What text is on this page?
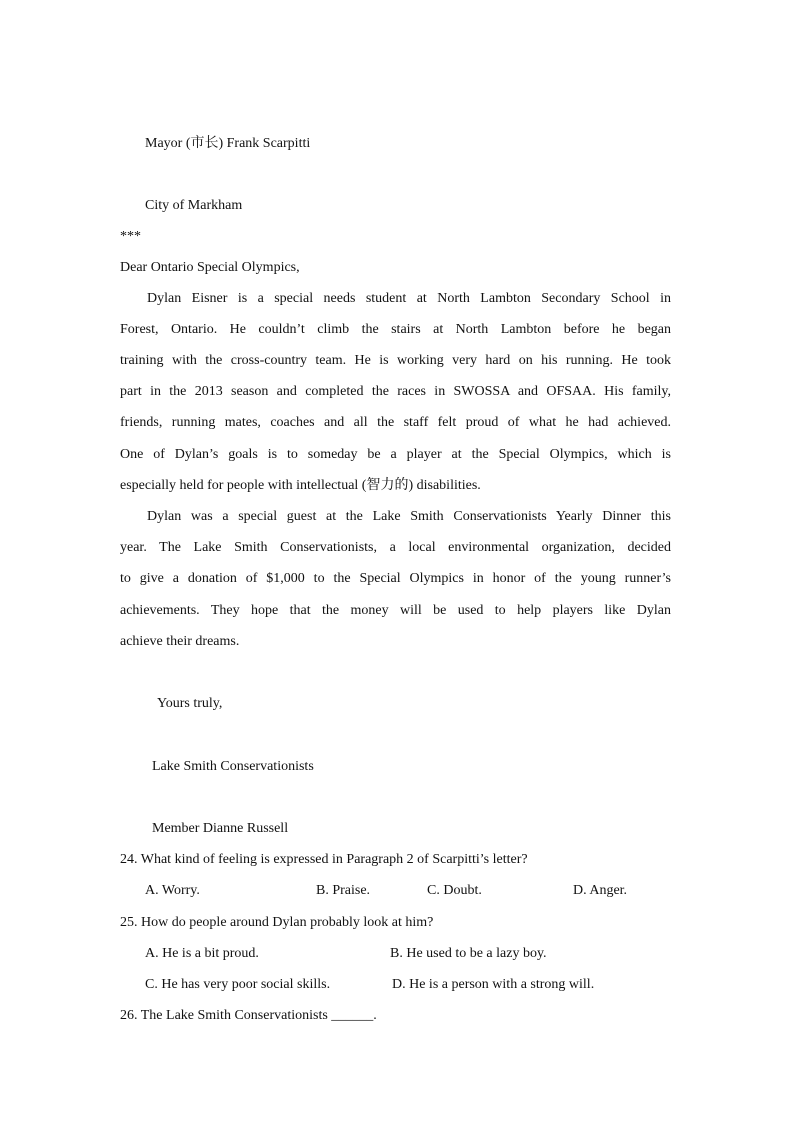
Mayor (市长) Frank Scarpitti
City of Markham
***
Dear Ontario Special Olympics,
Dylan Eisner is a special needs student at North Lambton Secondary School in
Forest, Ontario. He couldn’t climb the stairs at North Lambton before he began
training with the cross-country team. He is working very hard on his running. He took
part in the 2013 season and completed the races in SWOSSA and OFSAA. His family,
friends, running mates, coaches and all the staff felt proud of what he had achieved.
One of Dylan’s goals is to someday be a player at the Special Olympics, which is
especially held for people with intellectual (智力的) disabilities.
Dylan was a special guest at the Lake Smith Conservationists Yearly Dinner this
year. The Lake Smith Conservationists, a local environmental organization, decided
to give a donation of $1,000 to the Special Olympics in honor of the young runner’s
achievements. They hope that the money will be used to help players like Dylan
achieve their dreams.
Yours truly,
Lake Smith Conservationists
Member Dianne Russell
24. What kind of feeling is expressed in Paragraph 2 of Scarpitti’s letter?
A. Worry.	B. Praise.	C. Doubt.	D. Anger.
25. How do people around Dylan probably look at him?
A. He is a bit proud.	B. He used to be a lazy boy.
C. He has very poor social skills.	D. He is a person with a strong will.
26. The Lake Smith Conservationists ______.
